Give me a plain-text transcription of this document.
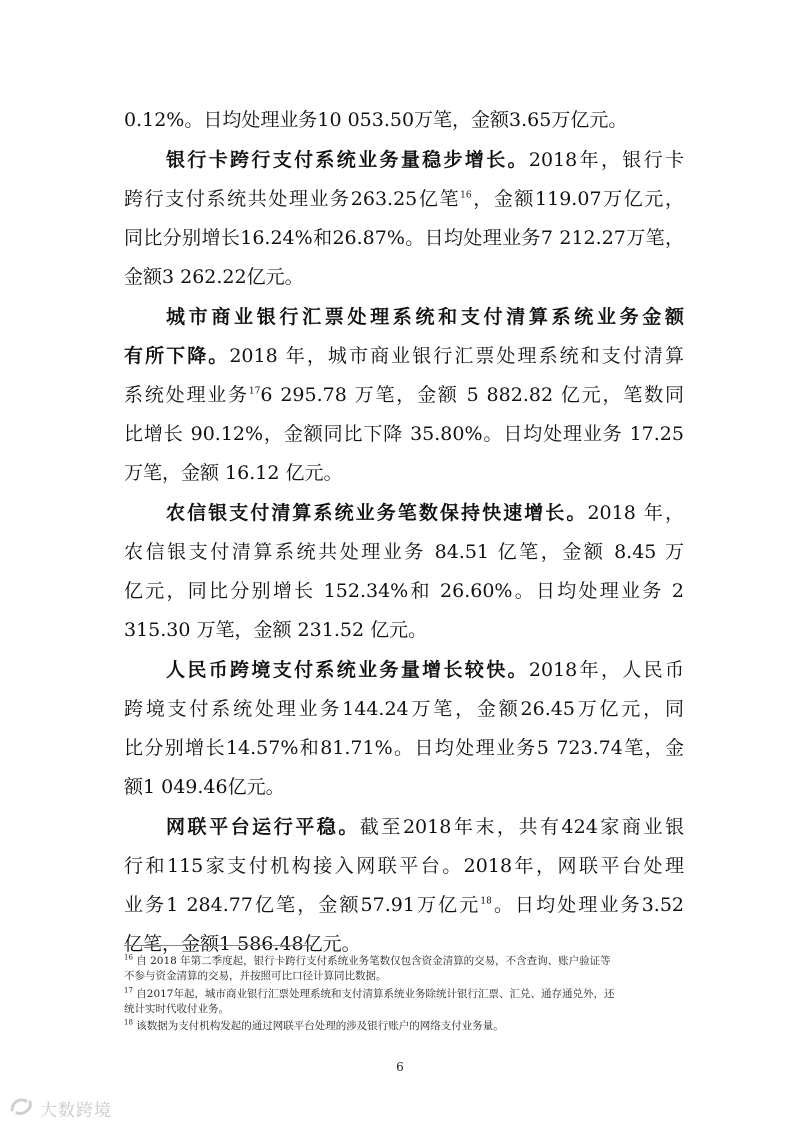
0.12%。日均处理业务10 053.50万笔，金额3.65万亿元。
银行卡跨行支付系统业务量稳步增长。2018年，银行卡
跨行支付系统共处理业务263.25亿笔$^{16}$，金额119.07万亿元，
同比分别增长16.24%和26.87%。日均处理业务7 212.27万笔，
金额3 262.22亿元。
城市商业银行汇票处理系统和支付清算系统业务金额
有所下降。2018 年，城市商业银行汇票处理系统和支付清算
系统处理业务$^{17}$6 295.78 万笔，金额 5 882.82 亿元，笔数同
比增长 90.12%，金额同比下降 35.80%。日均处理业务 17.25
万笔，金额 16.12 亿元。
农信银支付清算系统业务笔数保持快速增长。2018 年，
农信银支付清算系统共处理业务 84.51 亿笔，金额 8.45 万
亿元，同比分别增长 152.34%和 26.60%。日均处理业务 2
315.30 万笔，金额 231.52 亿元。
人民币跨境支付系统业务量增长较快。2018年，人民币
跨境支付系统处理业务144.24万笔，金额26.45万亿元，同
比分别增长14.57%和81.71%。日均处理业务5 723.74笔，金
额1 049.46亿元。
网联平台运行平稳。截至2018年末，共有424家商业银
行和115家支付机构接入网联平台。2018年，网联平台处理
业务1 284.77亿笔，金额57.91万亿元$^{18}$。日均处理业务3.52
亿笔，金额1 586.48亿元。
$^{16}$ 自 2018 年第二季度起，银行卡跨行支付系统业务笔数仅包含资金清算的交易，不含查询、账户验证等
不参与资金清算的交易，并按照可比口径计算同比数据。
$^{17}$ 自2017年起，城市商业银行汇票处理系统和支付清算系统业务除统计银行汇票、汇兑、通存通兑外，还
统计实时代收付业务。
$^{18}$ 该数据为支付机构发起的通过网联平台处理的涉及银行账户的网络支付业务量。
6
大数跨境
